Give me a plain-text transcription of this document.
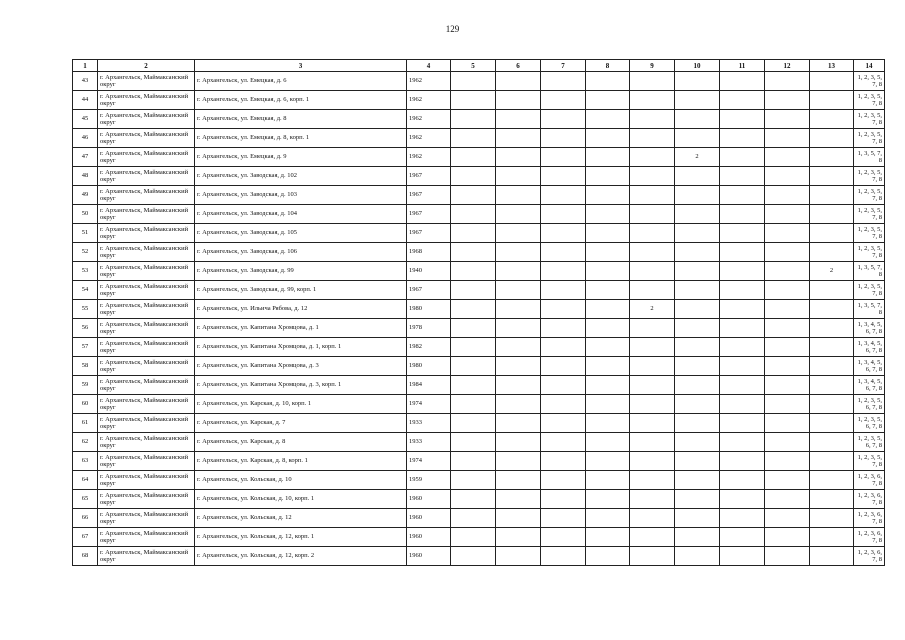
129
1	2	3	4	5	6	7	8	9	10	11	12	13	14
43	г. Архангельск, Маймаксанский округ	г. Архангельск, ул. Емецкая, д. 6	1962										1, 2, 3, 5, 7, 8
44	г. Архангельск, Маймаксанский округ	г. Архангельск, ул. Емецкая, д. 6, корп. 1	1962										1, 2, 3, 5, 7, 8
45	г. Архангельск, Маймаксанский округ	г. Архангельск, ул. Емецкая, д. 8	1962										1, 2, 3, 5, 7, 8
46	г. Архангельск, Маймаксанский округ	г. Архангельск, ул. Емецкая, д. 8, корп. 1	1962										1, 2, 3, 5, 7, 8
47	г. Архангельск, Маймаксанский округ	г. Архангельск, ул. Емецкая, д. 9	1962						2				1, 3, 5, 7, 8
48	г. Архангельск, Маймаксанский округ	г. Архангельск, ул. Заводская, д. 102	1967										1, 2, 3, 5, 7, 8
49	г. Архангельск, Маймаксанский округ	г. Архангельск, ул. Заводская, д. 103	1967										1, 2, 3, 5, 7, 8
50	г. Архангельск, Маймаксанский округ	г. Архангельск, ул. Заводская, д. 104	1967										1, 2, 3, 5, 7, 8
51	г. Архангельск, Маймаксанский округ	г. Архангельск, ул. Заводская, д. 105	1967										1, 2, 3, 5, 7, 8
52	г. Архангельск, Маймаксанский округ	г. Архангельск, ул. Заводская, д. 106	1968										1, 2, 3, 5, 7, 8
53	г. Архангельск, Маймаксанский округ	г. Архангельск, ул. Заводская, д. 99	1940									2	1, 3, 5, 7, 8
54	г. Архангельск, Маймаксанский округ	г. Архангельск, ул. Заводская, д. 99, корп. 1	1967										1, 2, 3, 5, 7, 8
55	г. Архангельск, Маймаксанский округ	г. Архангельск, ул. Ильича Рябова, д. 12	1980					2					1, 3, 5, 7, 8
56	г. Архангельск, Маймаксанский округ	г. Архангельск, ул. Капитана Хромцова, д. 1	1978										1, 3, 4, 5, 6, 7, 8
57	г. Архангельск, Маймаксанский округ	г. Архангельск, ул. Капитана Хромцова, д. 1, корп. 1	1982										1, 3, 4, 5, 6, 7, 8
58	г. Архангельск, Маймаксанский округ	г. Архангельск, ул. Капитана Хромцова, д. 3	1980										1, 3, 4, 5, 6, 7, 8
59	г. Архангельск, Маймаксанский округ	г. Архангельск, ул. Капитана Хромцова, д. 3, корп. 1	1984										1, 3, 4, 5, 6, 7, 8
60	г. Архангельск, Маймаксанский округ	г. Архангельск, ул. Карская, д. 10, корп. 1	1974										1, 2, 3, 5, 6, 7, 8
61	г. Архангельск, Маймаксанский округ	г. Архангельск, ул. Карская, д. 7	1933										1, 2, 3, 5, 6, 7, 8
62	г. Архангельск, Маймаксанский округ	г. Архангельск, ул. Карская, д. 8	1933										1, 2, 3, 5, 6, 7, 8
63	г. Архангельск, Маймаксанский округ	г. Архангельск, ул. Карская, д. 8, корп. 1	1974										1, 2, 3, 5, 7, 8
64	г. Архангельск, Маймаксанский округ	г. Архангельск, ул. Кольская, д. 10	1959										1, 2, 3, 6, 7, 8
65	г. Архангельск, Маймаксанский округ	г. Архангельск, ул. Кольская, д. 10, корп. 1	1960										1, 2, 3, 6, 7, 8
66	г. Архангельск, Маймаксанский округ	г. Архангельск, ул. Кольская, д. 12	1960										1, 2, 3, 6, 7, 8
67	г. Архангельск, Маймаксанский округ	г. Архангельск, ул. Кольская, д. 12, корп. 1	1960										1, 2, 3, 6, 7, 8
68	г. Архангельск, Маймаксанский округ	г. Архангельск, ул. Кольская, д. 12, корп. 2	1960										1, 2, 3, 6, 7, 8
